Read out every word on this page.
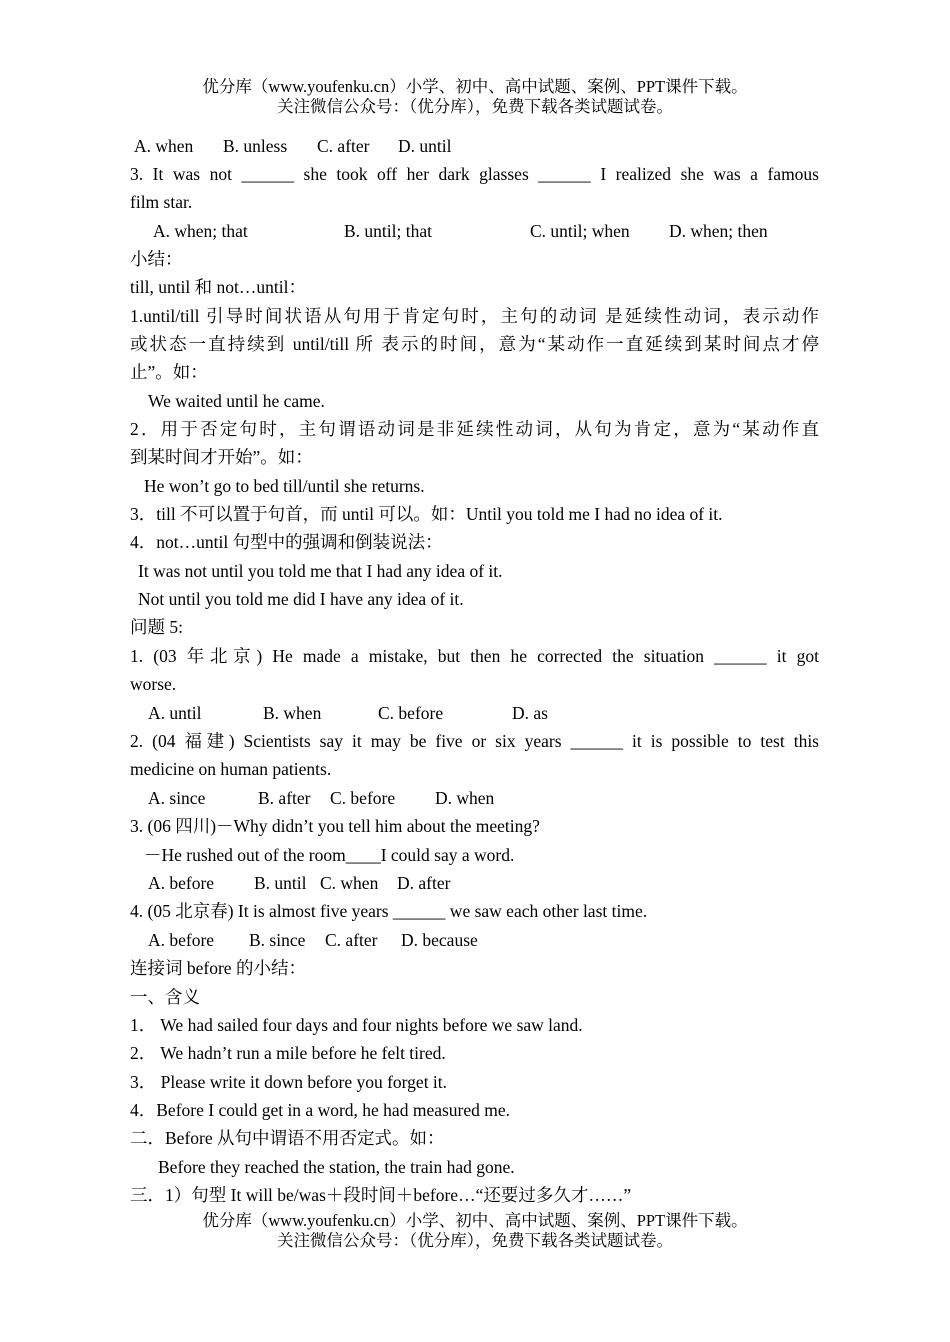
优分库（www.youfenku.cn）小学、初中、高中试题、案例、PPT课件下载。
关注微信公众号：（优分库），免费下载各类试题试卷。
A. when B. unless C. after D. until
3. It was not ______ she took off her dark glasses ______ I realized she was a famous
film star.
A. when; that	B. until; that	C. until; when D. when; then
小结：
till, until 和 not…until：
1.until/till 引导时间状语从句用于肯定句时，主句的动词 是延续性动词，表示动作
或状态一直持续到 until/till 所 表示的时间，意为“某动作一直延续到某时间点才停
止”。如：
We waited until he came.
2．用于否定句时，主句谓语动词是非延续性动词，从句为肯定，意为“某动作直
到某时间才开始”。如：
He won’t go to bed till/until she returns.
3．till 不可以置于句首，而 until 可以。如：Until you told me I had no idea of it.
4．not…until 句型中的强调和倒装说法：
It was not until you told me that I had any idea of it.
Not until you told me did I have any idea of it.
问题 5:
1. (03 年北京) He made a mistake, but then he corrected the situation ______ it got
worse.
A. until	B. when	C. before	D. as
2. (04 福建) Scientists say it may be five or six years ______ it is possible to test this
medicine on human patients.
A. since	B. after C. before D. when
3. (06 四川)－Why didn’t you tell him about the meeting?
－He rushed out of the room____I could say a word.
A. before B. until C. when D. after
4. (05 北京春) It is almost five years ______ we saw each other last time.
A. before B. since C. after D. because
连接词 before 的小结：
一、含义
1． We had sailed four days and four nights before we saw land.
2． We hadn’t run a mile before he felt tired.
3． Please write it down before you forget it.
4．Before I could get in a word, he had measured me.
二．Before 从句中谓语不用否定式。如：
Before they reached the station, the train had gone.
三．1）句型 It will be/was＋段时间＋before…“还要过多久才……”
优分库（www.youfenku.cn）小学、初中、高中试题、案例、PPT课件下载。
关注微信公众号：（优分库），免费下载各类试题试卷。
